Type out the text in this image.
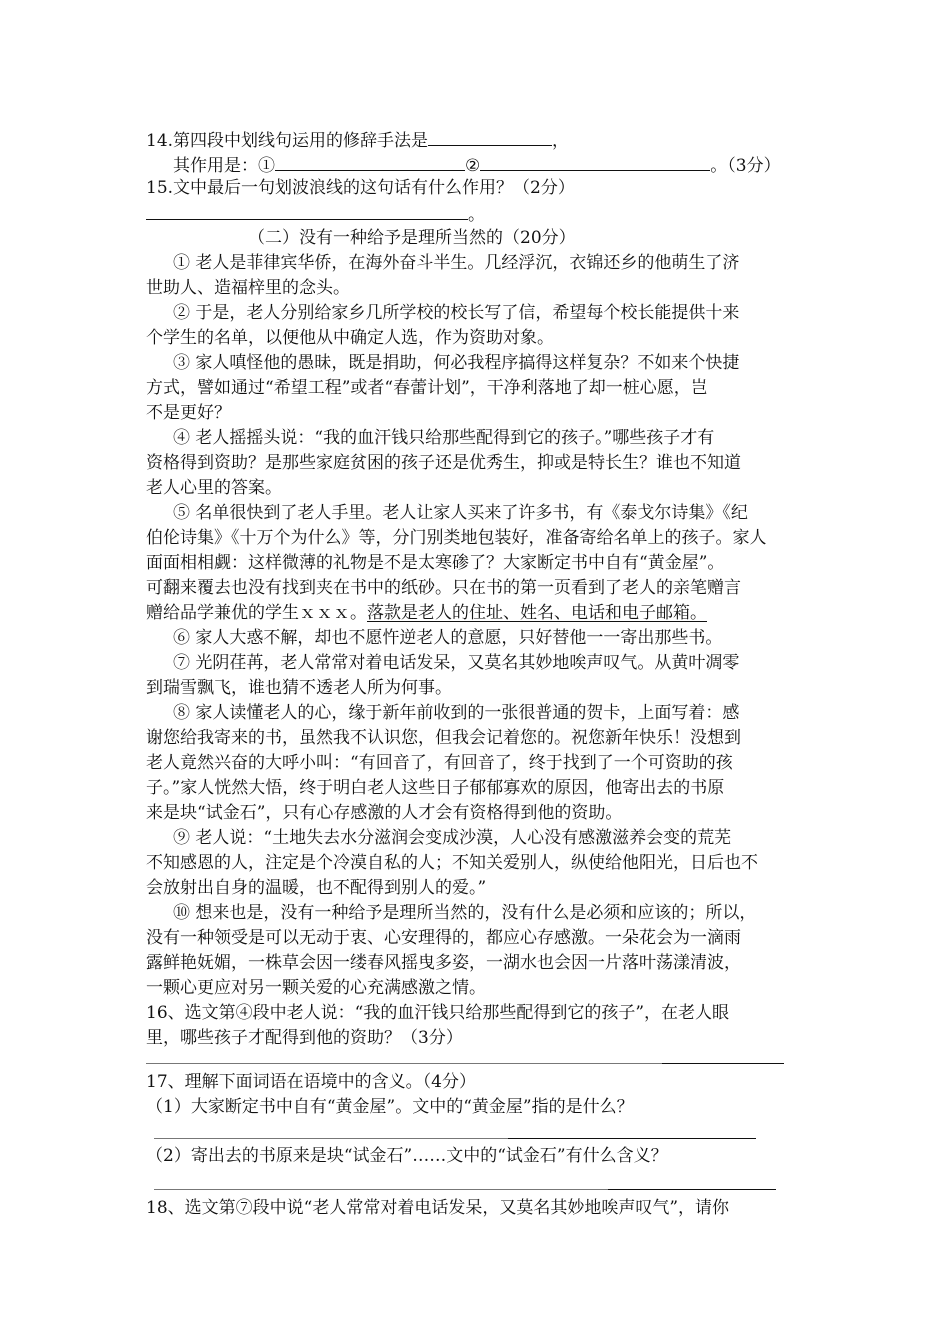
14.第四段中划线句运用的修辞手法是	，
其作用是：①	②	。（3分）
15.文中最后一句划波浪线的这句话有什么作用？（2分）
。
（二）没有一种给予是理所当然的（20分）
① 老人是菲律宾华侨，在海外奋斗半生。几经浮沉，衣锦还乡的他萌生了济
世助人、造福梓里的念头。
② 于是，老人分别给家乡几所学校的校长写了信，希望每个校长能提供十来
个学生的名单，以便他从中确定人选，作为资助对象。
③ 家人嗔怪他的愚昧，既是捐助，何必我程序搞得这样复杂？不如来个快捷
方式，譬如通过“希望工程”或者“春蕾计划”，干净利落地了却一桩心愿，岂
不是更好？
④ 老人摇摇头说：“我的血汗钱只给那些配得到它的孩子。”哪些孩子才有
资格得到资助？是那些家庭贫困的孩子还是优秀生，抑或是特长生？谁也不知道
老人心里的答案。
⑤ 名单很快到了老人手里。老人让家人买来了许多书，有《泰戈尔诗集》《纪
伯伦诗集》《十万个为什么》等，分门别类地包装好，准备寄给名单上的孩子。家人
面面相相觑：这样微薄的礼物是不是太寒碜了？大家断定书中自有“黄金屋”。
可翻来覆去也没有找到夹在书中的纸砂。只在书的第一页看到了老人的亲笔赠言
赠给品学兼优的学生ｘｘｘ。落款是老人的住址、姓名、电话和电子邮箱。
⑥ 家人大惑不解，却也不愿忤逆老人的意愿，只好替他一一寄出那些书。
⑦ 光阴荏苒，老人常常对着电话发呆，又莫名其妙地唉声叹气。从黄叶凋零
到瑞雪飘飞，谁也猜不透老人所为何事。
⑧ 家人读懂老人的心，缘于新年前收到的一张很普通的贺卡，上面写着：感
谢您给我寄来的书，虽然我不认识您，但我会记着您的。祝您新年快乐！没想到
老人竟然兴奋的大呼小叫：“有回音了，有回音了，终于找到了一个可资助的孩
子。”家人恍然大悟，终于明白老人这些日子郁郁寡欢的原因，他寄出去的书原
来是块“试金石”，只有心存感激的人才会有资格得到他的资助。
⑨ 老人说：“土地失去水分滋润会变成沙漠，人心没有感激滋养会变的荒芜
不知感恩的人，注定是个冷漠自私的人；不知关爱别人，纵使给他阳光，日后也不
会放射出自身的温暖，也不配得到别人的爱。”
⑩ 想来也是，没有一种给予是理所当然的，没有什么是必须和应该的；所以，
没有一种领受是可以无动于衷、心安理得的，都应心存感激。一朵花会为一滴雨
露鲜艳妩媚，一株草会因一缕春风摇曳多姿，一湖水也会因一片落叶荡漾清波，
一颗心更应对另一颗关爱的心充满感激之情。
16、选文第④段中老人说：“我的血汗钱只给那些配得到它的孩子”，在老人眼
里，哪些孩子才配得到他的资助？（3分）
17、理解下面词语在语境中的含义。（4分）
（1）大家断定书中自有“黄金屋”。文中的“黄金屋”指的是什么？
（2）寄出去的书原来是块“试金石”……文中的“试金石”有什么含义？
18、选文第⑦段中说“老人常常对着电话发呆，又莫名其妙地唉声叹气”，请你
